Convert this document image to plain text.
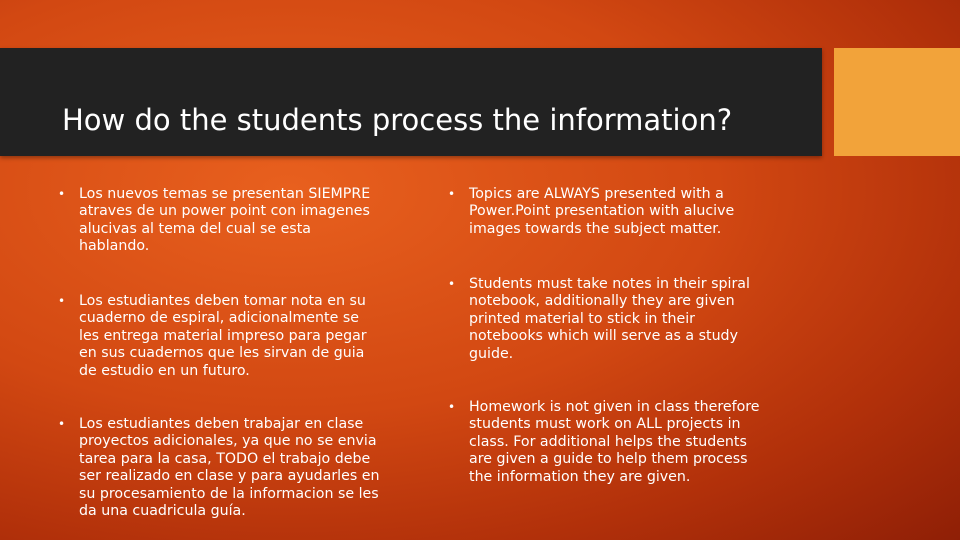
How do the students process the information?
• Los nuevos temas se presentan SIEMPRE
atraves de un power point con imagenes
alucivas al tema del cual se esta
hablando.
• Los estudiantes deben tomar nota en su
cuaderno de espiral, adicionalmente se
les entrega material impreso para pegar
en sus cuadernos que les sirvan de guia
de estudio en un futuro.
• Los estudiantes deben trabajar en clase
proyectos adicionales, ya que no se envia
tarea para la casa, TODO el trabajo debe
ser realizado en clase y para ayudarles en
su procesamiento de la informacion se les
da una cuadricula guía.
• Topics are ALWAYS presented with a
Power.Point presentation with alucive
images towards the subject matter.
• Students must take notes in their spiral
notebook, additionally they are given
printed material to stick in their
notebooks which will serve as a study
guide.
• Homework is not given in class therefore
students must work on ALL projects in
class. For additional helps the students
are given a guide to help them process
the information they are given.
